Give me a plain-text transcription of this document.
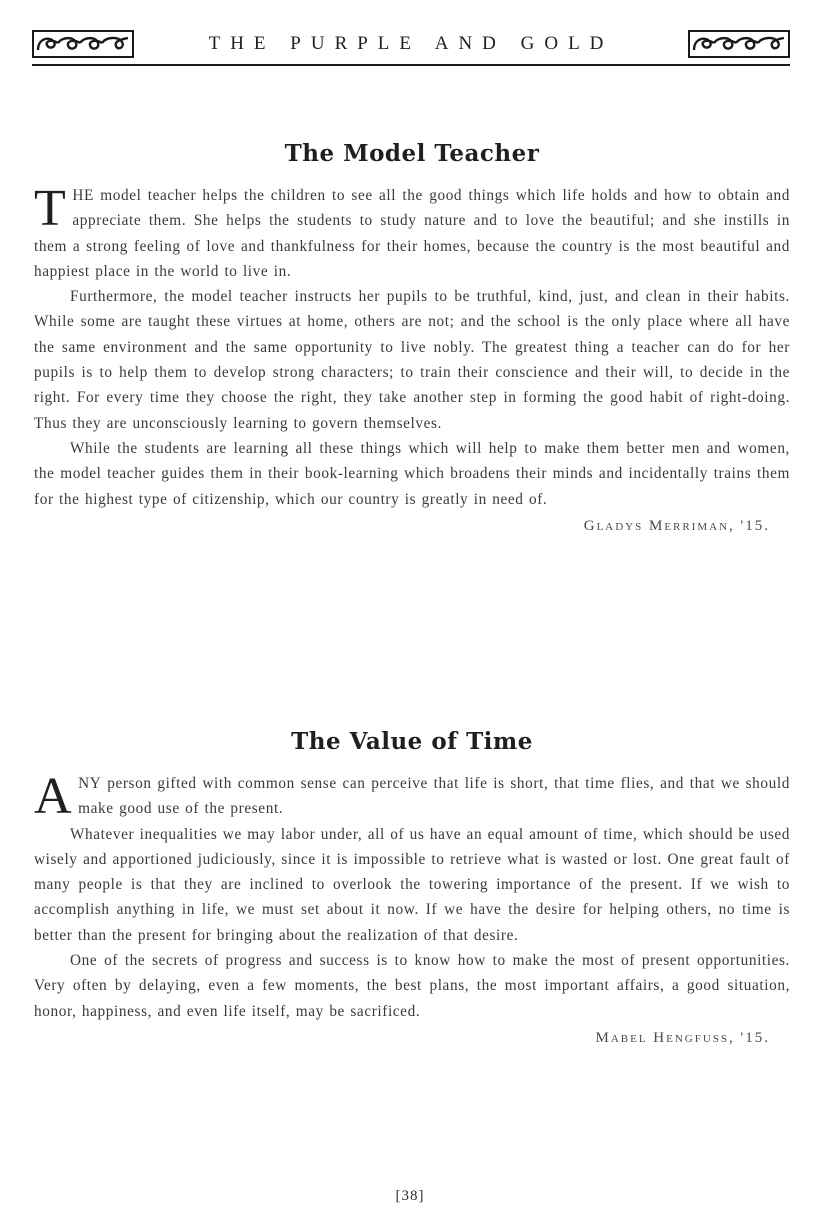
THE PURPLE AND GOLD
The Model Teacher

THE model teacher helps the children to see all the good things which life holds and how to obtain and appreciate them. She helps the students to study nature and to love the beautiful; and she instills in them a strong feeling of love and thankfulness for their homes, because the country is the most beautiful and happiest place in the world to live in.

Furthermore, the model teacher instructs her pupils to be truthful, kind, just, and clean in their habits. While some are taught these virtues at home, others are not; and the school is the only place where all have the same environment and the same opportunity to live nobly. The greatest thing a teacher can do for her pupils is to help them to develop strong characters; to train their conscience and their will, to decide in the right. For every time they choose the right, they take another step in forming the good habit of right-doing. Thus they are unconsciously learning to govern themselves.

While the students are learning all these things which will help to make them better men and women, the model teacher guides them in their book-learning which broadens their minds and incidentally trains them for the highest type of citizenship, which our country is greatly in need of.

Gladys Merriman, '15.
The Value of Time

ANY person gifted with common sense can perceive that life is short, that time flies, and that we should make good use of the present.

Whatever inequalities we may labor under, all of us have an equal amount of time, which should be used wisely and apportioned judiciously, since it is impossible to retrieve what is wasted or lost. One great fault of many people is that they are inclined to overlook the towering importance of the present. If we wish to accomplish anything in life, we must set about it now. If we have the desire for helping others, no time is better than the present for bringing about the realization of that desire.

One of the secrets of progress and success is to know how to make the most of present opportunities. Very often by delaying, even a few moments, the best plans, the most important affairs, a good situation, honor, happiness, and even life itself, may be sacrificed.

Mabel Hengfuss, '15.
[38]
